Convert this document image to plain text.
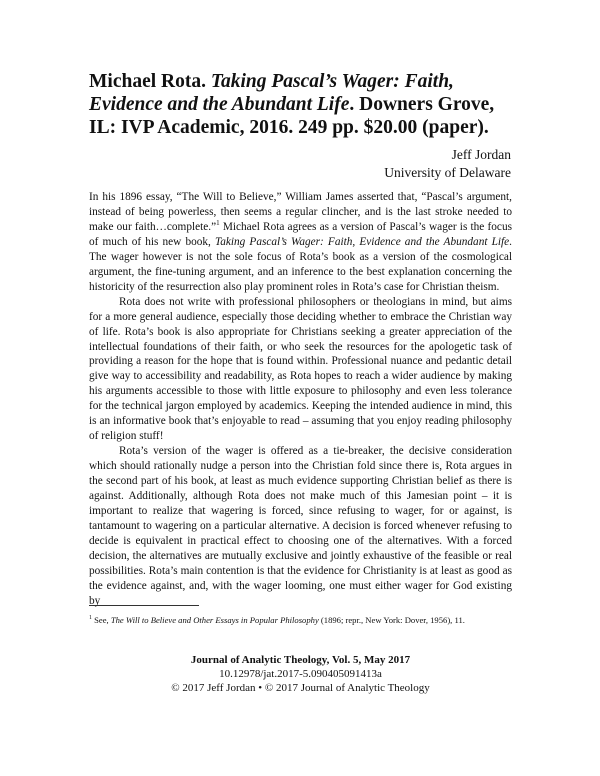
Michael Rota. Taking Pascal’s Wager: Faith, Evidence and the Abundant Life. Downers Grove, IL: IVP Academic, 2016. 249 pp. $20.00 (paper).
Jeff Jordan
University of Delaware

In his 1896 essay, “The Will to Believe,” William James asserted that, “Pascal’s argument, instead of being powerless, then seems a regular clincher, and is the last stroke needed to make our faith…complete.”$^1$ Michael Rota agrees as a version of Pascal’s wager is the focus of much of his new book, Taking Pascal’s Wager: Faith, Evidence and the Abundant Life. The wager however is not the sole focus of Rota’s book as a version of the cosmological argument, the fine-tuning argument, and an inference to the best explanation concerning the historicity of the resurrection also play prominent roles in Rota’s case for Christian theism.

Rota does not write with professional philosophers or theologians in mind, but aims for a more general audience, especially those deciding whether to embrace the Christian way of life. Rota’s book is also appropriate for Christians seeking a greater appreciation of the intellectual foundations of their faith, or who seek the resources for the apologetic task of providing a reason for the hope that is found within. Professional nuance and pedantic detail give way to accessibility and readability, as Rota hopes to reach a wider audience by making his arguments accessible to those with little exposure to philosophy and even less tolerance for the technical jargon employed by academics. Keeping the intended audience in mind, this is an informative book that’s enjoyable to read – assuming that you enjoy reading philosophy of religion stuff!

Rota’s version of the wager is offered as a tie-breaker, the decisive consideration which should rationally nudge a person into the Christian fold since there is, Rota argues in the second part of his book, at least as much evidence supporting Christian belief as there is against. Additionally, although Rota does not make much of this Jamesian point – it is important to realize that wagering is forced, since refusing to wager, for or against, is tantamount to wagering on a particular alternative. A decision is forced whenever refusing to decide is equivalent in practical effect to choosing one of the alternatives. With a forced decision, the alternatives are mutually exclusive and jointly exhaustive of the feasible or real possibilities. Rota’s main contention is that the evidence for Christianity is at least as good as the evidence against, and, with the wager looming, one must either wager for God existing by

$^1$ See, The Will to Believe and Other Essays in Popular Philosophy (1896; repr., New York: Dover, 1956), 11.
Journal of Analytic Theology, Vol. 5, May 2017
10.12978/jat.2017-5.090405091413a
© 2017 Jeff Jordan • © 2017 Journal of Analytic Theology
